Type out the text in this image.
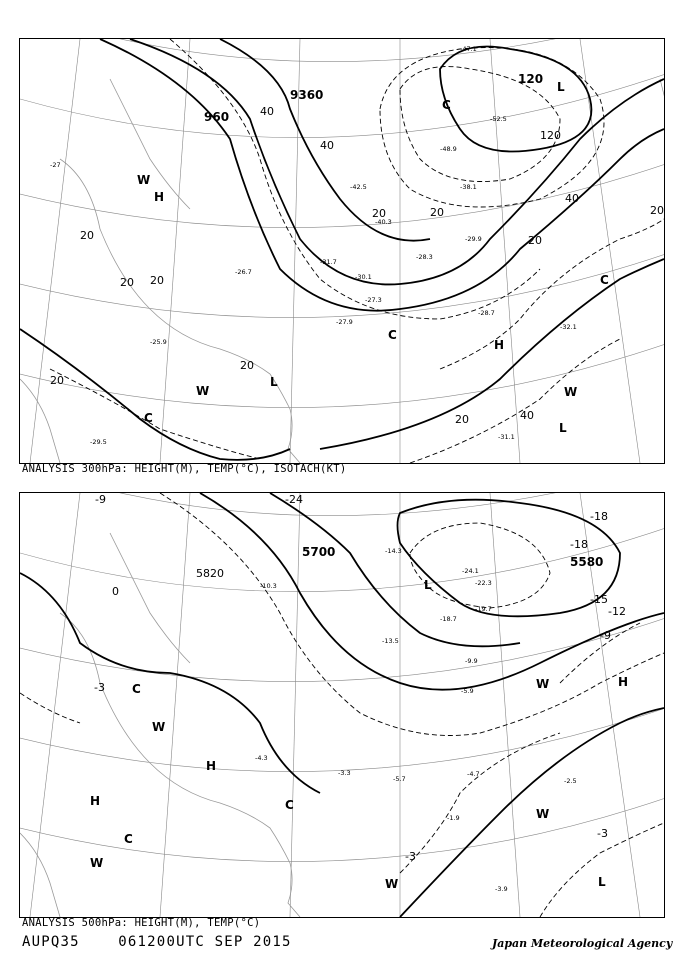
20
20
20
20
40
40
40
40
20	20
20
20
20
20
9360
960
120
120
-28.7
-27.9
-28.3
-29.9
-40.3
-42.5
-48.9
-52.5
-27.3
-26.7
-32.1
-31.1
-25.9
-29.5
-31.7
-30.1
-38.1
-47.1
-27
H
H
W
W	W
L
L
L
C
C
C
C
ANALYSIS 300hPa: HEIGHT(M), TEMP(°C), ISOTACH(KT)
5700
5580
5820
-24
-18
-15
-12
-9
-3
-3
-3
0
-9
-18
-4.7
-5.7	-2.5
-3.9
-5.9
-14.3
-19.7
-22.3
-24.1
-18.7
-10.3
-9.9
-13.5
-3.3
-4.3
-1.9
H
H
H
W
W
W
W
W
L
L
C
C
C
ANALYSIS 500hPa: HEIGHT(M), TEMP(°C)
AUPQ35	061200UTC SEP 2015	Japan Meteorological Agency
